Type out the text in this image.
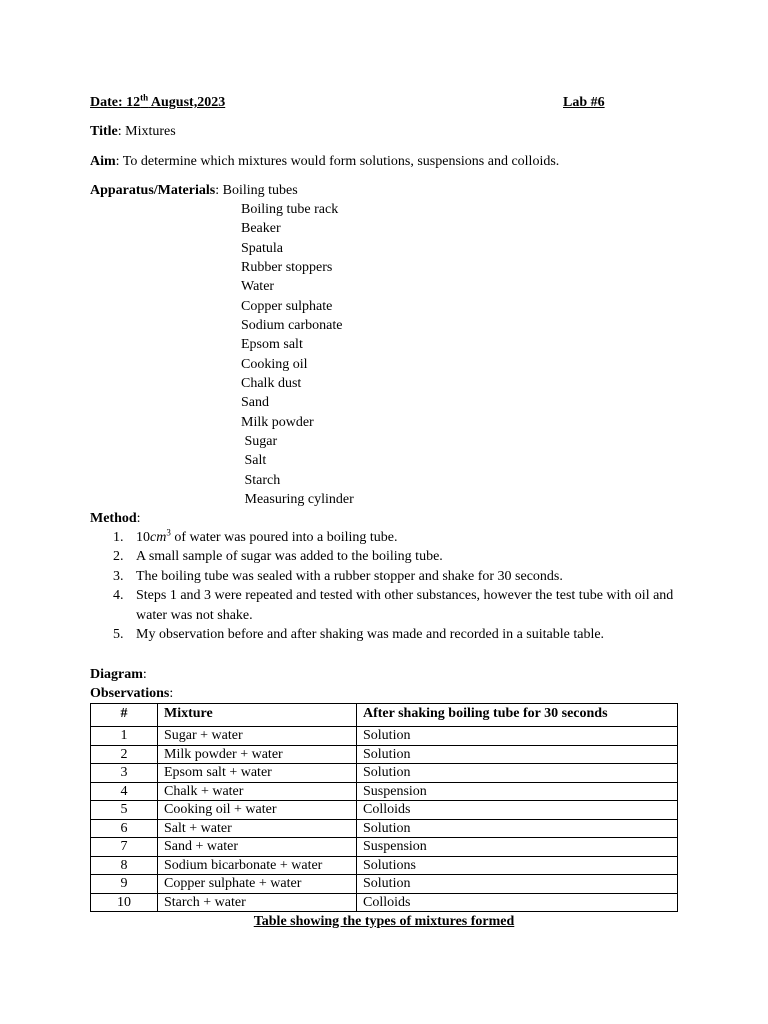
Date: 12th August,2023	Lab #6
Title: Mixtures
Aim: To determine which mixtures would form solutions, suspensions and colloids.
Apparatus/Materials: Boiling tubes
Boiling tube rack
Beaker
Spatula
Rubber stoppers
Water
Copper sulphate
Sodium carbonate
Epsom salt
Cooking oil
Chalk dust
Sand
Milk powder
Sugar
Salt
Starch
Measuring cylinder
Method:
1. $10cm^3$ of water was poured into a boiling tube.
2. A small sample of sugar was added to the boiling tube.
3. The boiling tube was sealed with a rubber stopper and shake for 30 seconds.
4. Steps 1 and 3 were repeated and tested with other substances, however the test tube with oil and water was not shake.
5. My observation before and after shaking was made and recorded in a suitable table.
Diagram:
Observations:
#	Mixture	After shaking boiling tube for 30 seconds
1	Sugar + water	Solution
2	Milk powder + water	Solution
3	Epsom salt + water	Solution
4	Chalk + water	Suspension
5	Cooking oil + water	Colloids
6	Salt + water	Solution
7	Sand + water	Suspension
8	Sodium bicarbonate + water	Solutions
9	Copper sulphate + water	Solution
10	Starch + water	Colloids
Table showing the types of mixtures formed
